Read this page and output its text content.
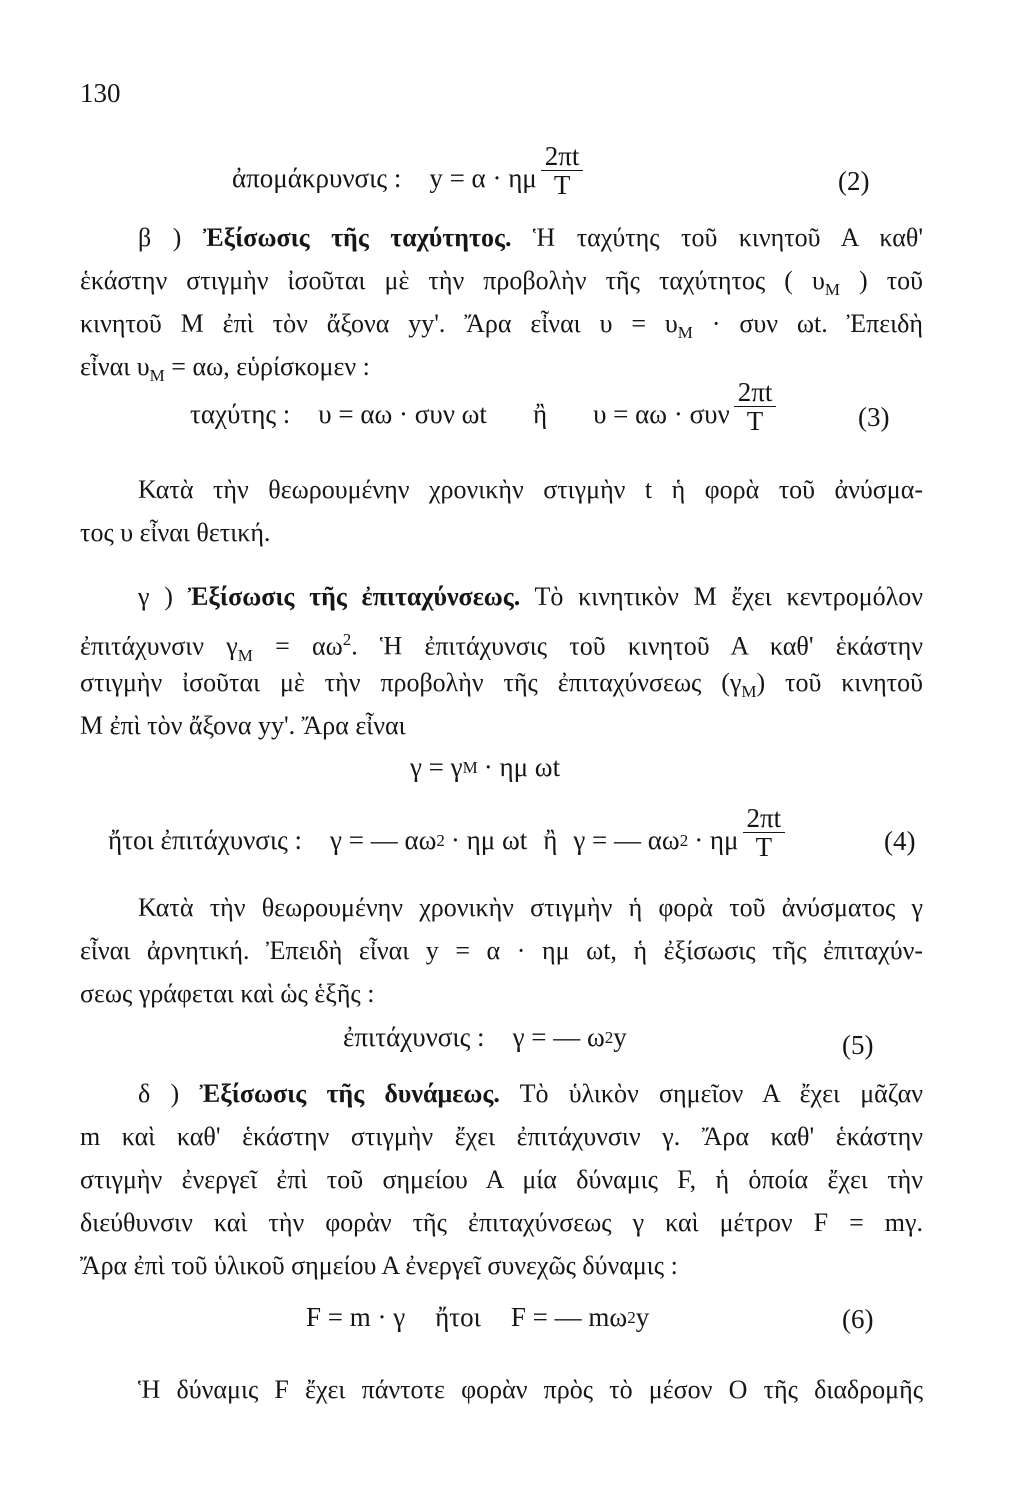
130
ἀπομάκρυνσις : y = α · ημ $\frac{2\pi t}{T}$	(2)
β ) Ἐξίσωσις τῆς ταχύτητος. Ἡ ταχύτης τοῦ κινητοῦ Α καθ'
ἑκάστην στιγμὴν ἰσοῦται μὲ τὴν προβολὴν τῆς ταχύτητος ( $\upsilon_M$ ) τοῦ
κινητοῦ Μ ἐπὶ τὸν ἄξονα yy'. Ἄρα εἶναι $\upsilon = \upsilon_M \cdot \sigma\upsilon\nu$ ωt. Ἐπειδὴ
εἶναι $\upsilon_M = \alpha\omega$, εὑρίσκομεν :
ταχύτης : υ = αω · συν ωt ἢ υ = αω · συν $\frac{2\pi t}{T}$	(3)
Κατὰ τὴν θεωρουμένην χρονικὴν στιγμὴν t ἡ φορὰ τοῦ ἀνύσμα-
τος υ εἶναι θετική.
γ ) Ἐξίσωσις τῆς ἐπιταχύνσεως. Τὸ κινητικὸν Μ ἔχει κεντρομόλον
ἐπιτάχυνσιν $\gamma_M = \alpha\omega^2$. Ἡ ἐπιτάχυνσις τοῦ κινητοῦ Α καθ' ἑκάστην
στιγμὴν ἰσοῦται μὲ τὴν προβολὴν τῆς ἐπιταχύνσεως $(\gamma_M)$ τοῦ κινητοῦ
Μ ἐπὶ τὸν ἄξονα yy'. Ἄρα εἶναι
γ = γ M · ημ ωt
ἤτοι ἐπιτάχυνσις : γ = — αω 2 · ημ ωt ἢ γ = — αω 2 · ημ $\frac{2\pi t}{T}$	(4)
Κατὰ τὴν θεωρουμένην χρονικὴν στιγμὴν ἡ φορὰ τοῦ ἀνύσματος γ
εἶναι ἀρνητική. Ἐπειδὴ εἶναι y = α · ημ ωt, ἡ ἐξίσωσις τῆς ἐπιταχύν-
σεως γράφεται καὶ ὡς ἑξῆς :
ἐπιτάχυνσις : γ = — ω 2 y	(5)
δ ) Ἐξίσωσις τῆς δυνάμεως. Τὸ ὑλικὸν σημεῖον Α ἔχει μᾶζαν
m καὶ καθ' ἑκάστην στιγμὴν ἔχει ἐπιτάχυνσιν γ. Ἄρα καθ' ἑκάστην
στιγμὴν ἐνεργεῖ ἐπὶ τοῦ σημείου Α μία δύναμις F, ἡ ὁποία ἔχει τὴν
διεύθυνσιν καὶ τὴν φορὰν τῆς ἐπιταχύνσεως γ καὶ μέτρον F = mγ.
Ἄρα ἐπὶ τοῦ ὑλικοῦ σημείου Α ἐνεργεῖ συνεχῶς δύναμις :
F = m · γ ἤτοι F = — mω 2 y	(6)
Ἡ δύναμις F ἔχει πάντοτε φορὰν πρὸς τὸ μέσον Ο τῆς διαδρομῆς
